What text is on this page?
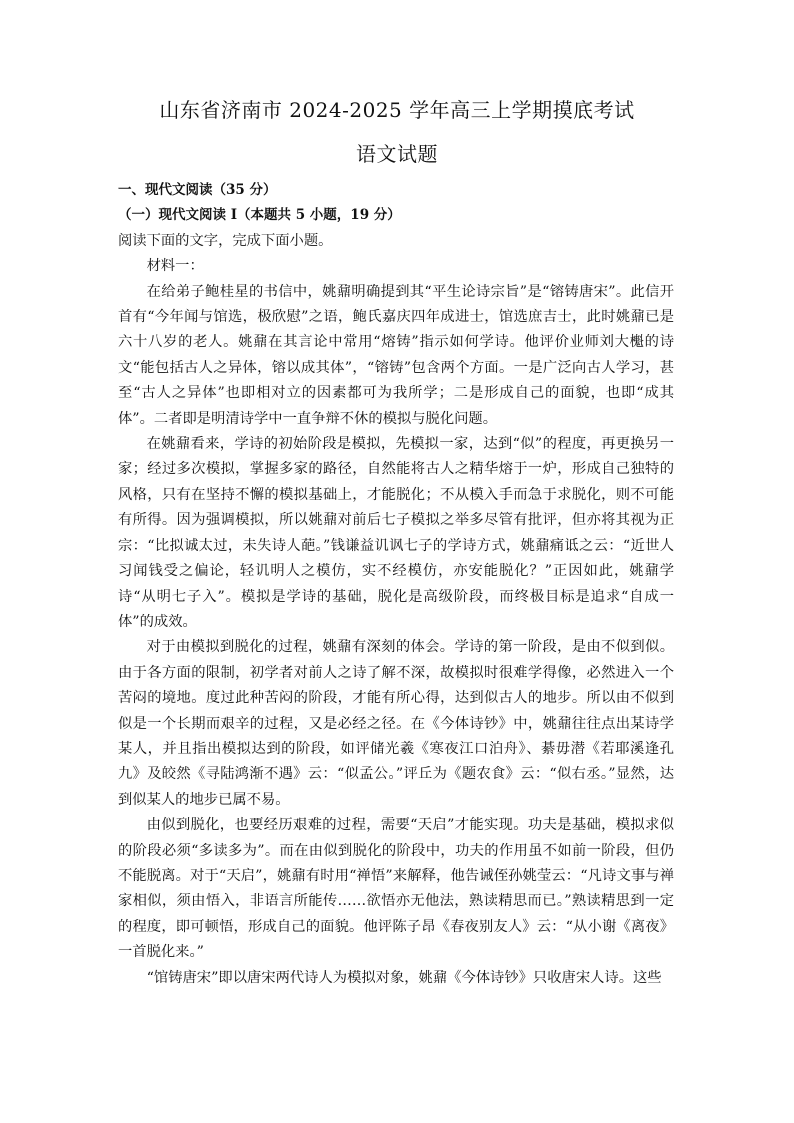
山东省济南市 2024-2025 学年高三上学期摸底考试
语文试题

一、现代文阅读（35 分）

（一）现代文阅读 I（本题共 5 小题，19 分）

阅读下面的文字，完成下面小题。

材料一：

在给弟子鲍桂星的书信中，姚鼐明确提到其“平生论诗宗旨”是“镕铸唐宋”。此信开首有“今年闻与馆选，极欣慰”之语，鲍氏嘉庆四年成进士，馆选庶吉士，此时姚鼐已是六十八岁的老人。姚鼐在其言论中常用“熔铸”指示如何学诗。他评价业师刘大櫆的诗文“能包括古人之异体，镕以成其体”，“镕铸”包含两个方面。一是广泛向古人学习，甚至“古人之异体”也即相对立的因素都可为我所学；二是形成自己的面貌，也即“成其体”。二者即是明清诗学中一直争辩不休的模拟与脱化问题。

在姚鼐看来，学诗的初始阶段是模拟，先模拟一家，达到“似”的程度，再更换另一家；经过多次模拟，掌握多家的路径，自然能将古人之精华熔于一炉，形成自己独特的风格，只有在坚持不懈的模拟基础上，才能脱化；不从模入手而急于求脱化，则不可能有所得。因为强调模拟，所以姚鼐对前后七子模拟之举多尽管有批评，但亦将其视为正宗：“比拟诚太过，未失诗人葩。”钱谦益讥讽七子的学诗方式，姚鼐痛诋之云：“近世人习闻钱受之偏论，轻讥明人之模仿，实不经模仿，亦安能脱化？”正因如此，姚鼐学诗“从明七子入”。模拟是学诗的基础，脱化是高级阶段，而终极目标是追求“自成一体”的成效。

对于由模拟到脱化的过程，姚鼐有深刻的体会。学诗的第一阶段，是由不似到似。由于各方面的限制，初学者对前人之诗了解不深，故模拟时很难学得像，必然进入一个苦闷的境地。度过此种苦闷的阶段，才能有所心得，达到似古人的地步。所以由不似到似是一个长期而艰辛的过程，又是必经之径。在《今体诗钞》中，姚鼐往往点出某诗学某人，并且指出模拟达到的阶段，如评储光羲《寒夜江口泊舟》、綦毋潜《若耶溪逢孔九》及皎然《寻陆鸿渐不遇》云：“似孟公。”评丘为《题农食》云：“似右丞。”显然，达到似某人的地步已属不易。

由似到脱化，也要经历艰难的过程，需要“天启”才能实现。功夫是基础，模拟求似的阶段必须“多读多为”。而在由似到脱化的阶段中，功夫的作用虽不如前一阶段，但仍不能脱离。对于“天启”，姚鼐有时用“禅悟”来解释，他告诫侄孙姚莹云：“凡诗文事与禅家相似，须由悟入，非语言所能传……欲悟亦无他法，熟读精思而已。”熟读精思到一定的程度，即可顿悟，形成自己的面貌。他评陈子昂《春夜别友人》云：“从小谢《离夜》一首脱化来。”

“馆铸唐宋”即以唐宋两代诗人为模拟对象，姚鼐《今体诗钞》只收唐宋人诗。这些
